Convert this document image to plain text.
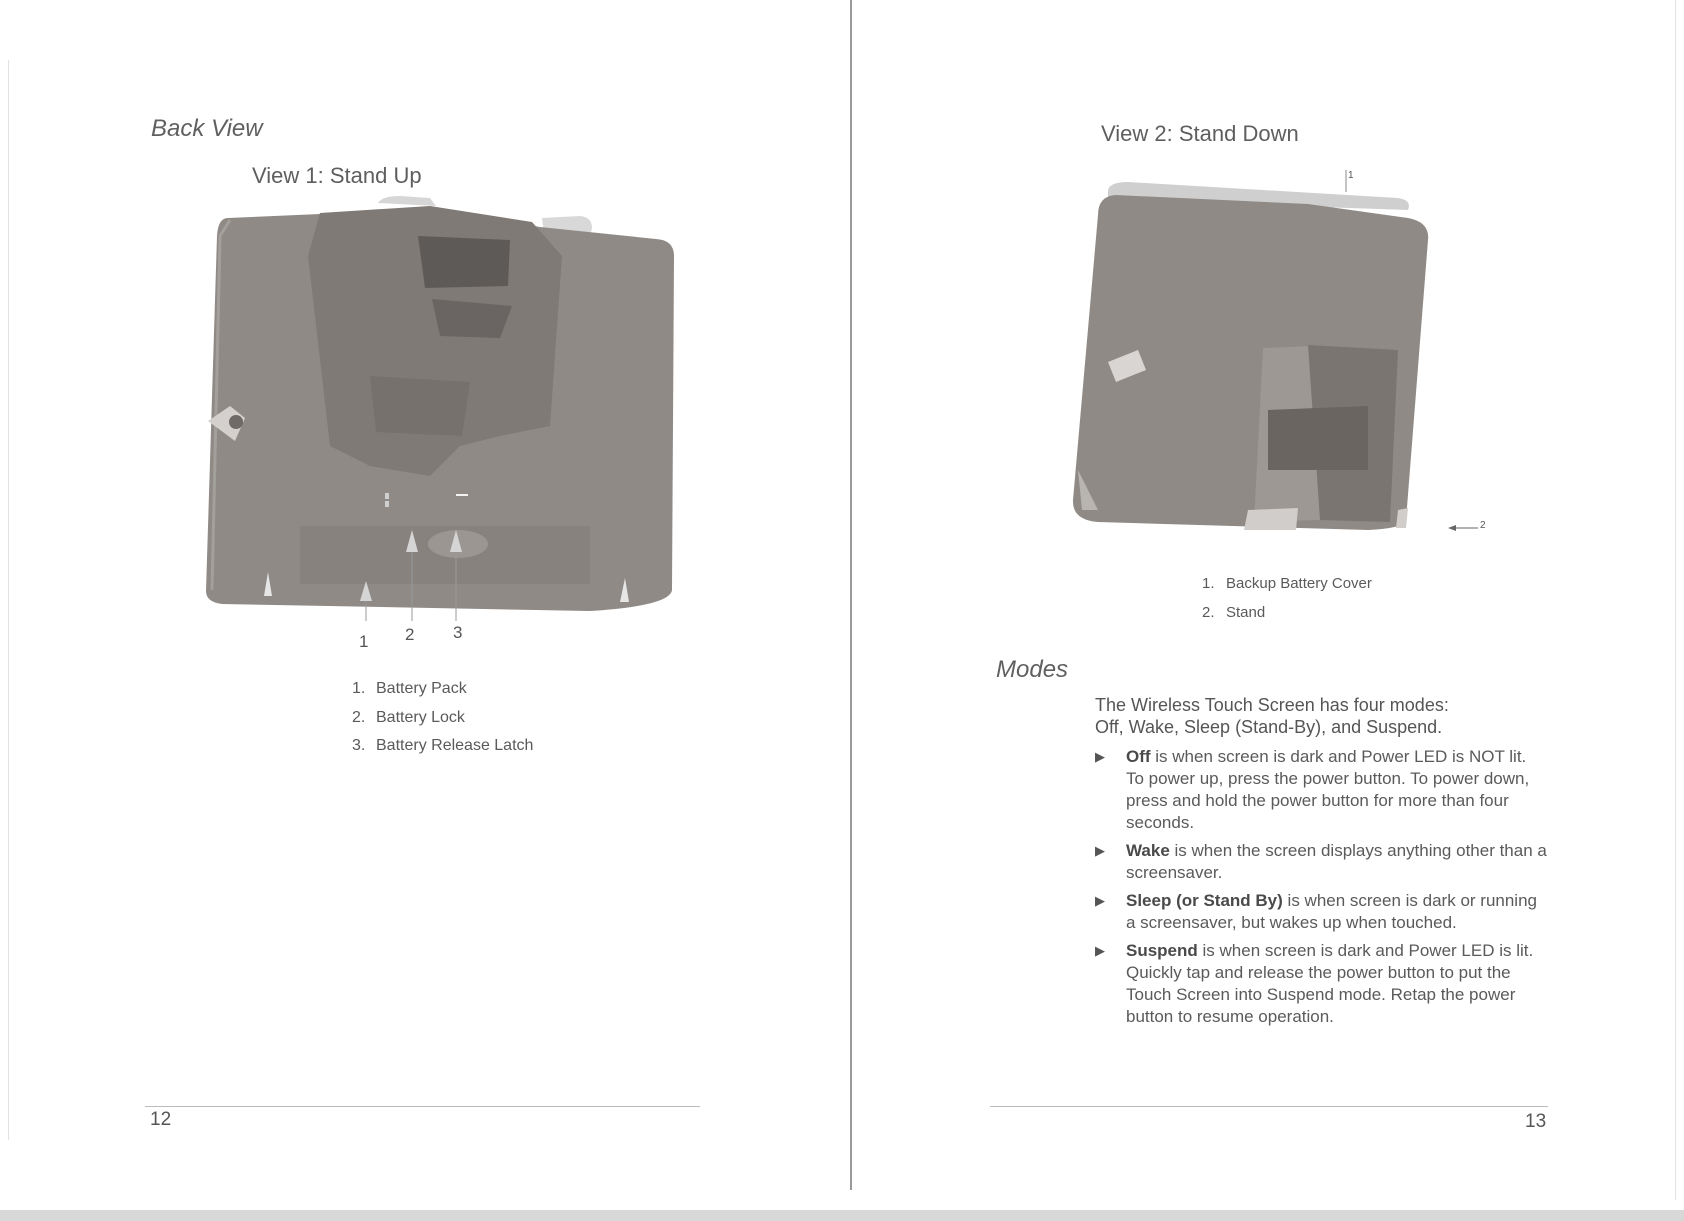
Back View
View 1: Stand Up
1 2 3
1. Battery Pack
2. Battery Lock
3. Battery Release Latch
12
View 2: Stand Down
1
2
1. Backup Battery Cover
2. Stand
Modes
The Wireless Touch Screen has four modes:
Off, Wake, Sleep (Stand-By), and Suspend.
▶ Off is when screen is dark and Power LED is NOT lit. To power up, press the power button. To power down, press and hold the power button for more than four seconds.
▶ Wake is when the screen displays anything other than a screensaver.
▶ Sleep (or Stand By) is when screen is dark or running a screensaver, but wakes up when touched.
▶ Suspend is when screen is dark and Power LED is lit. Quickly tap and release the power button to put the Touch Screen into Suspend mode. Retap the power button to resume operation.
13
